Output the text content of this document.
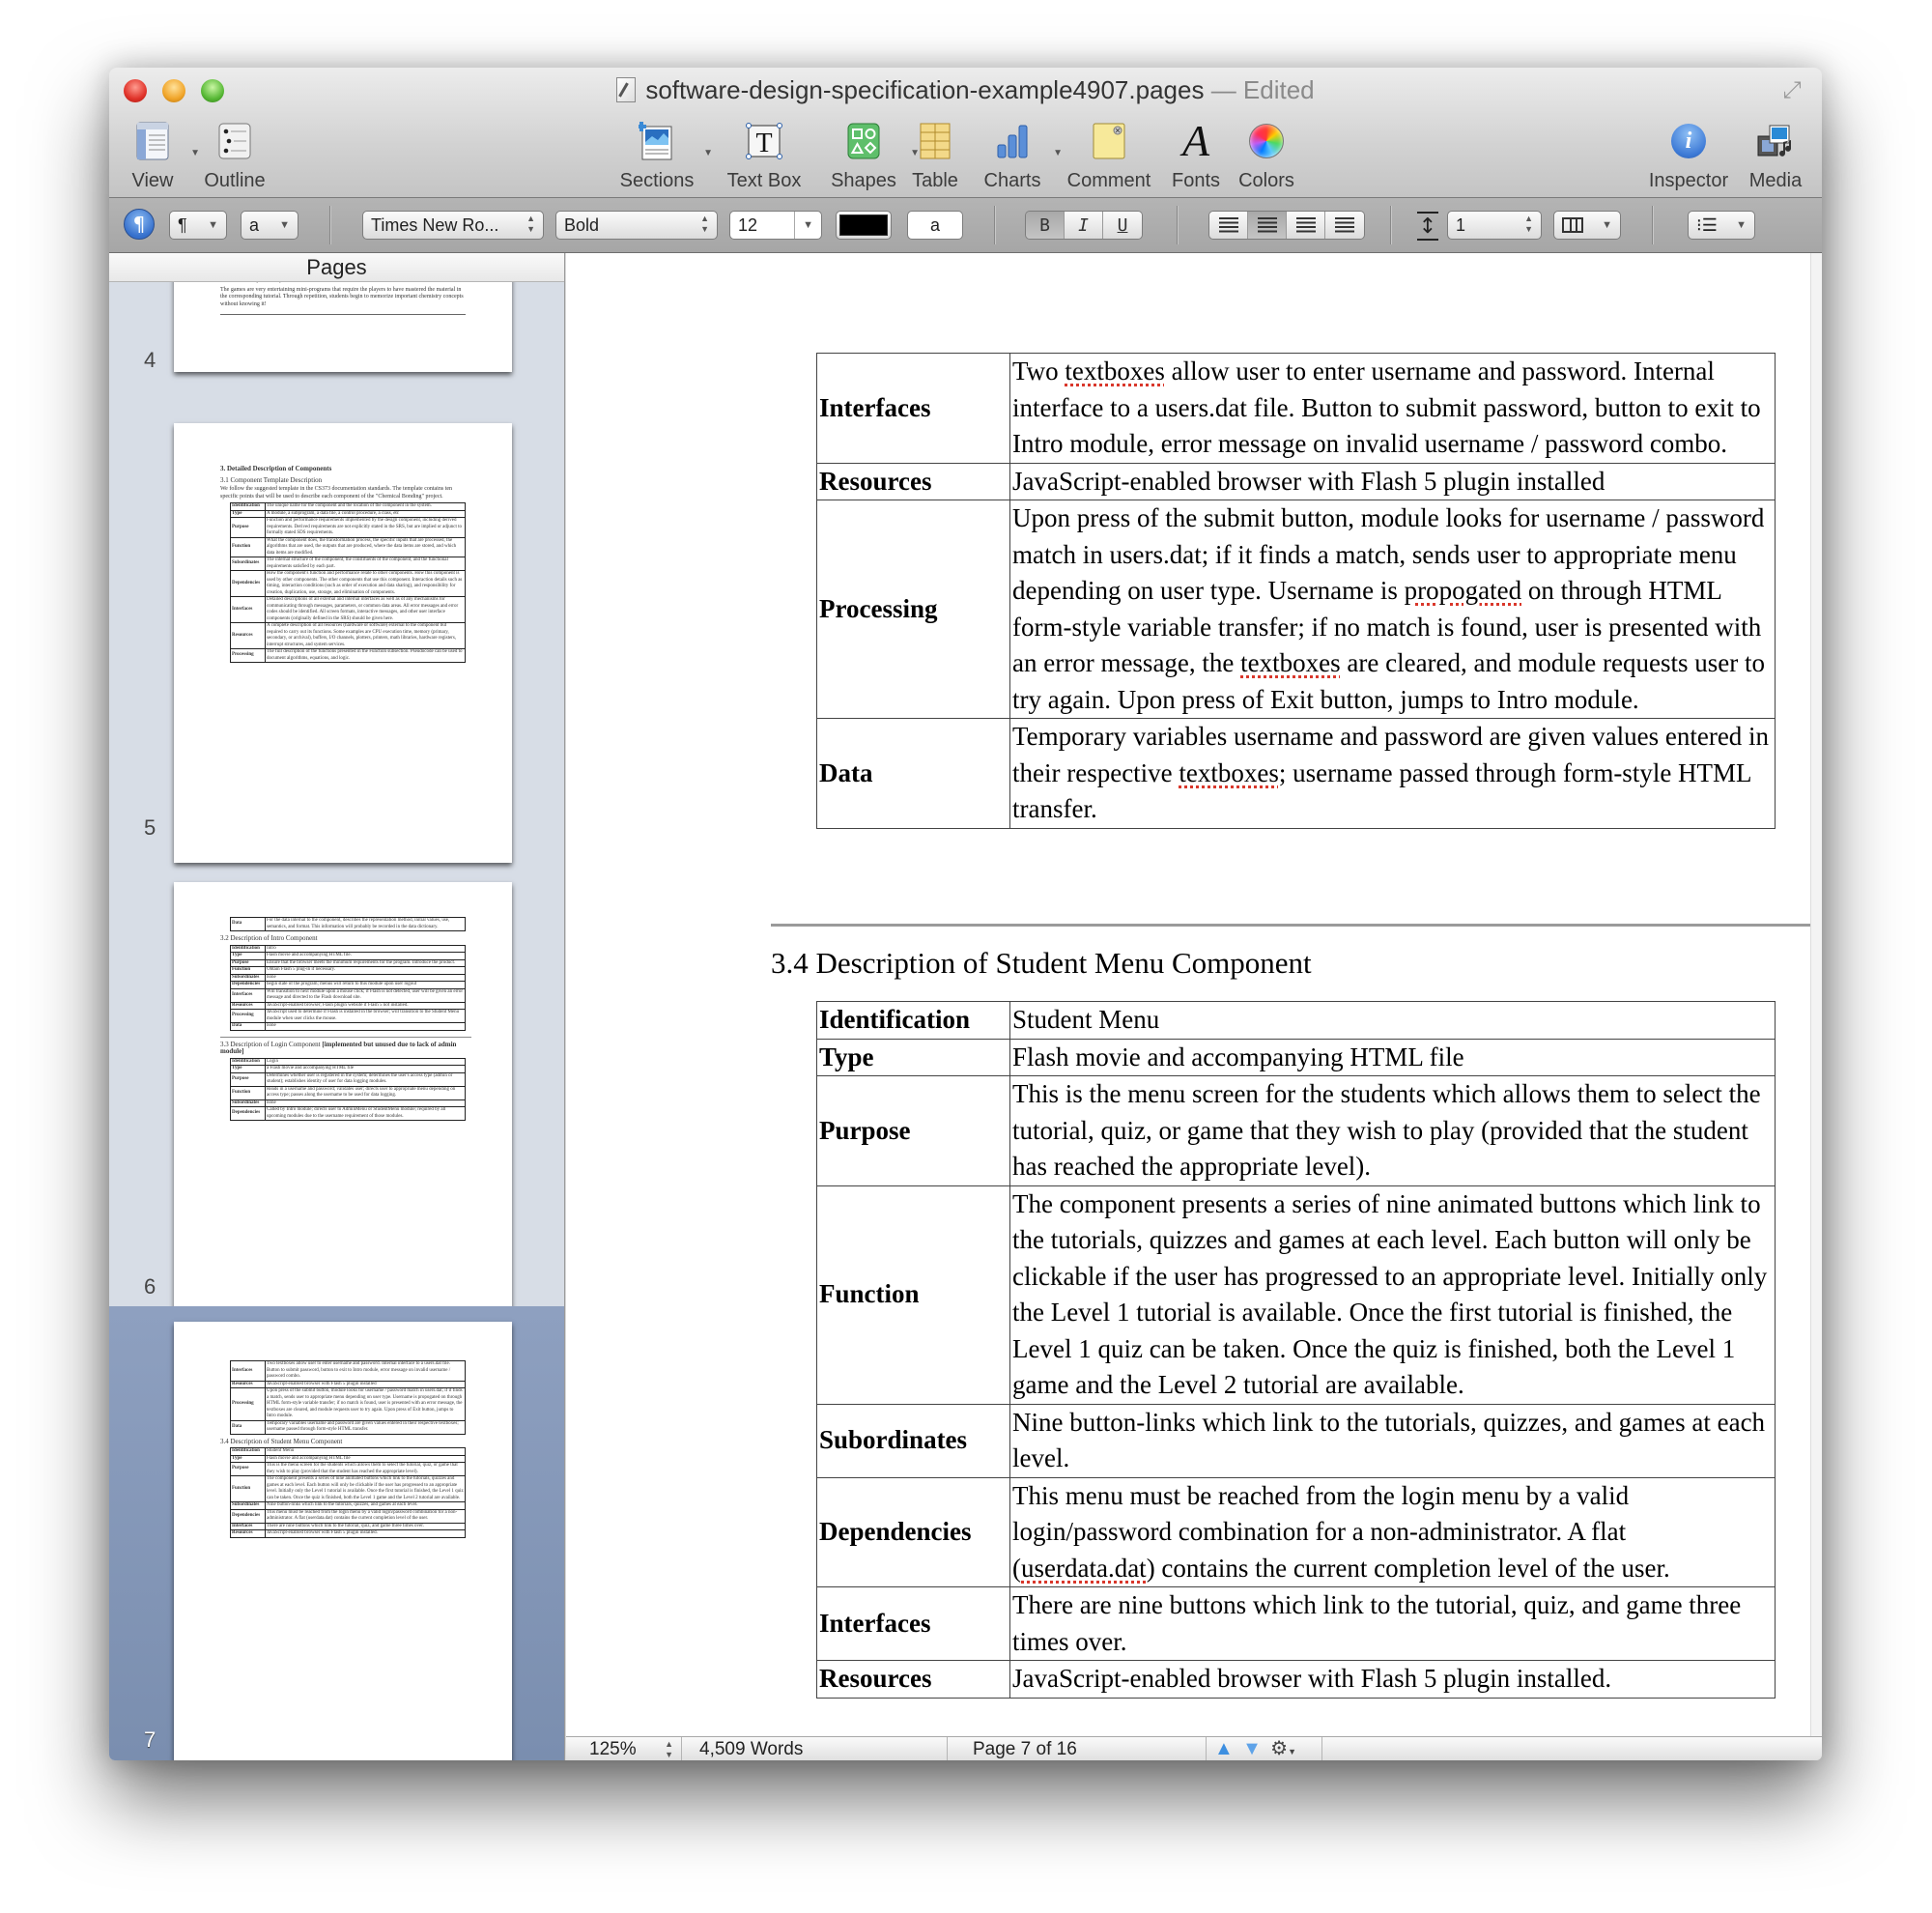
software-design-specification-example4907.pages — Edited	⤢
▼
View	Outline
▼
Sections
T
Text Box
▼
Shapes Table
▼
Charts	Comment
A
Fonts Colors
i
Inspector	Media
¶	¶ ▼	a ▼	Times New Ro...	▲
▼	Bold	▲
▼	12	▼	a	B	I	U	↕	1	▲
▼	▼	⁝☰ ▼
Pages

The games are very entertaining mini-programs that require the players to have mastered the material in the corresponding tutorial. Through repetition, students begin to memorize important chemistry concepts without knowing it!

4
3. Detailed Description of Components
3.1 Component Template Description

We follow the suggested template in the CS373 documentation standards. The template contains ten specific points that will be used to describe each component of the "Chemical Bonding" project.

Identification	The unique name for the component and the location of the component in the system.
Type	A module, a subprogram, a data file, a control procedure, a class, etc
Purpose	Function and performance requirements implemented by the design component, including derived requirements. Derived requirements are not explicitly stated in the SRS, but are implied or adjunct to formally stated SDS requirements.
Function	What the component does, the transformation process, the specific inputs that are processed, the algorithms that are used, the outputs that are produced, where the data items are stored, and which data items are modified.
Subordinates	The internal structure of the component, the constituents of the component, and the functional requirements satisfied by each part.
Dependencies	How the component's function and performance relate to other components. How this component is used by other components. The other components that use this component. Interaction details such as timing, interaction conditions (such as order of execution and data sharing), and responsibility for creation, duplication, use, storage, and elimination of components.
Interfaces	Detailed descriptions of all external and internal interfaces as well as of any mechanisms for communicating through messages, parameters, or common data areas. All error messages and error codes should be identified. All screen formats, interactive messages, and other user interface components (originally defined in the SRS) should be given here.
Resources	A complete description of all resources (hardware or software) external to the component but required to carry out its functions. Some examples are CPU execution time, memory (primary, secondary, or archival), buffers, I/O channels, plotters, printers, math libraries, hardware registers, interrupt structures, and system services.
Processing	The full description of the functions presented in the Function subsection. Pseudocode can be used to document algorithms, equations, and logic.
5
Data	For the data internal to the component, describes the representation method, initial values, use, semantics, and format. This information will probably be recorded in the data dictionary.
3.2 Description of Intro Component
Identification	Intro
Type	Flash movie and accompanying HTML file.
Purpose	Ensure that the browser meets the minimum requirements for the program. Introduce the product.
Function	Obtain Flash 5 plug-in if necessary.
Subordinates	none
Dependencies	begin state of the program; menus will return to this module upon user logout
Interfaces	Will transition to next module upon a mouse click; if Flash is not detected, user will be given an error message and directed to the Flash download site.
Resources	JavaScript-enabled browser; Flash plugin website if Flash 5 not installed.
Processing	JavaScript used to determine if Flash is installed in the browser; will transition to the Student Menu module when user clicks the mouse.
Data	none
3.3 Description of Login Component [implemented but unused due to lack of admin module]
Identification	Login
Type	a Flash movie and accompanying HTML file
Purpose	Determines whether user is registered in the system; determines the user's access type (admin or student); establishes identity of user for data logging modules.
Function	Reads in a username and password; validates user; directs user to appropriate menu depending on access type; passes along the username to be used for data logging.
Subordinates	none
Dependencies	Called by Intro module; directs user to AdminMenu or StudentMenu module; required by all upcoming modules due to the username requirement of those modules.
6
Interfaces	Two textboxes allow user to enter username and password. Internal interface to a users.dat file. Button to submit password, button to exit to Intro module, error message on invalid username / password combo.
Resources	JavaScript-enabled browser with Flash 5 plugin installed
Processing	Upon press of the submit button, module looks for username / password match in users.dat; if it finds a match, sends user to appropriate menu depending on user type. Username is propogated on through HTML form-style variable transfer; if no match is found, user is presented with an error message, the textboxes are cleared, and module requests user to try again. Upon press of Exit button, jumps to Intro module.
Data	Temporary variables username and password are given values entered in their respective textboxes; username passed through form-style HTML transfer.
3.4 Description of Student Menu Component
Identification	Student Menu
Type	Flash movie and accompanying HTML file
Purpose	This is the menu screen for the students which allows them to select the tutorial, quiz, or game that they wish to play (provided that the student has reached the appropriate level).
Function	The component presents a series of nine animated buttons which link to the tutorials, quizzes and games at each level. Each button will only be clickable if the user has progressed to an appropriate level. Initially only the Level 1 tutorial is available. Once the first tutorial is finished, the Level 1 quiz can be taken. Once the quiz is finished, both the Level 1 game and the Level 2 tutorial are available.
Subordinates	Nine button-links which link to the tutorials, quizzes, and games at each level.
Dependencies	This menu must be reached from the login menu by a valid login/password combination for a non-administrator. A flat (userdata.dat) contains the current completion level of the user.
Interfaces	There are nine buttons which link to the tutorial, quiz, and game three times over.
Resources	JavaScript-enabled browser with Flash 5 plugin installed.
7
Interfaces	Two textboxes allow user to enter username and password. Internal interface to a users.dat file. Button to submit password, button to exit to Intro module, error message on invalid username / password combo.
Resources	JavaScript-enabled browser with Flash 5 plugin installed
Processing	Upon press of the submit button, module looks for username / password match in users.dat; if it finds a match, sends user to appropriate menu depending on user type. Username is propogated on through HTML form-style variable transfer; if no match is found, user is presented with an error message, the textboxes are cleared, and module requests user to try again. Upon press of Exit button, jumps to Intro module.
Data	Temporary variables username and password are given values entered in their respective textboxes; username passed through form-style HTML transfer.
3.4 Description of Student Menu Component
Identification	Student Menu
Type	Flash movie and accompanying HTML file
Purpose	This is the menu screen for the students which allows them to select the tutorial, quiz, or game that they wish to play (provided that the student has reached the appropriate level).
Function	The component presents a series of nine animated buttons which link to the tutorials, quizzes and games at each level. Each button will only be clickable if the user has progressed to an appropriate level. Initially only the Level 1 tutorial is available. Once the first tutorial is finished, the Level 1 quiz can be taken. Once the quiz is finished, both the Level 1 game and the Level 2 tutorial are available.
Subordinates	Nine button-links which link to the tutorials, quizzes, and games at each level.
Dependencies	This menu must be reached from the login menu by a valid login/password combination for a non-administrator. A flat (userdata.dat) contains the current completion level of the user.
Interfaces	There are nine buttons which link to the tutorial, quiz, and game three times over.
Resources	JavaScript-enabled browser with Flash 5 plugin installed.
125%	▲
▼	4,509 Words	Page 7 of 16	▲ ▼ ⚙▼
